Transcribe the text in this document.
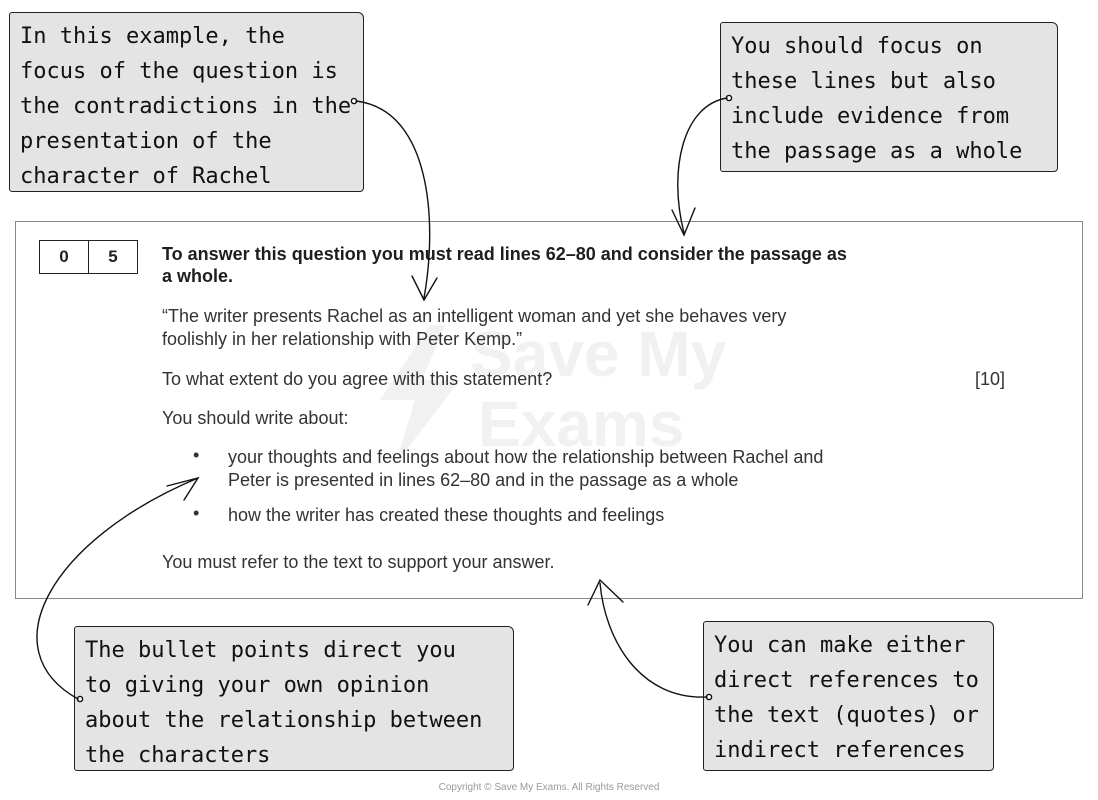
Save My
Exams
0	5	To answer this question you must read lines 62–80 and consider the passage as
a whole.
“The writer presents Rachel as an intelligent woman and yet she behaves very
foolishly in her relationship with Peter Kemp.”
To what extent do you agree with this statement?	[10]
You should write about:
• your thoughts and feelings about how the relationship between Rachel and
Peter is presented in lines 62–80 and in the passage as a whole
• how the writer has created these thoughts and feelings
You must refer to the text to support your answer.
In this example, the
focus of the question is
the contradictions in the
presentation of the
character of Rachel
You should focus on
these lines but also
include evidence from
the passage as a whole
The bullet points direct you
to giving your own opinion
about the relationship between
the characters
You can make either
direct references to
the text (quotes) or
indirect references
Copyright © Save My Exams. All Rights Reserved
